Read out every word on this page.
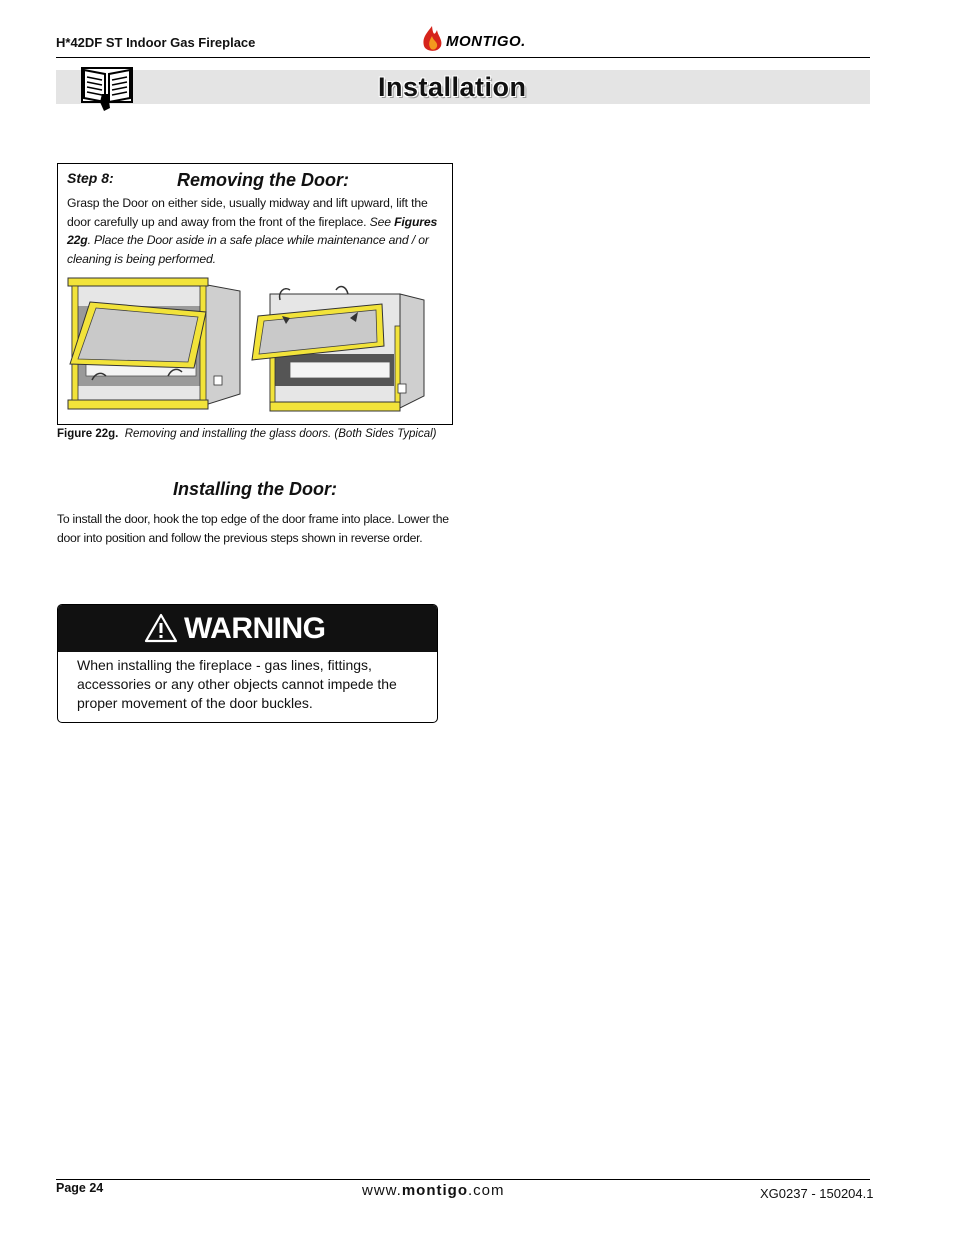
H*42DF ST Indoor Gas Fireplace	MONTIGO.
Installation
Step 8:	Removing the Door:
Grasp the Door on either side, usually midway and lift upward, lift the door carefully up and away from the front of the fireplace. See Figures 22g. Place the Door aside in a safe place while maintenance and / or cleaning is being performed.
Figure 22g. Removing and installing the glass doors. (Both Sides Typical)
Installing the Door:
To install the door, hook the top edge of the door frame into place. Lower the door into position and follow the previous steps shown in reverse order.
WARNING
When installing the fireplace - gas lines, fittings, accessories or any other objects cannot impede the proper movement of the door buckles.
Page 24	www.montigo.com	XG0237 - 150204.1
